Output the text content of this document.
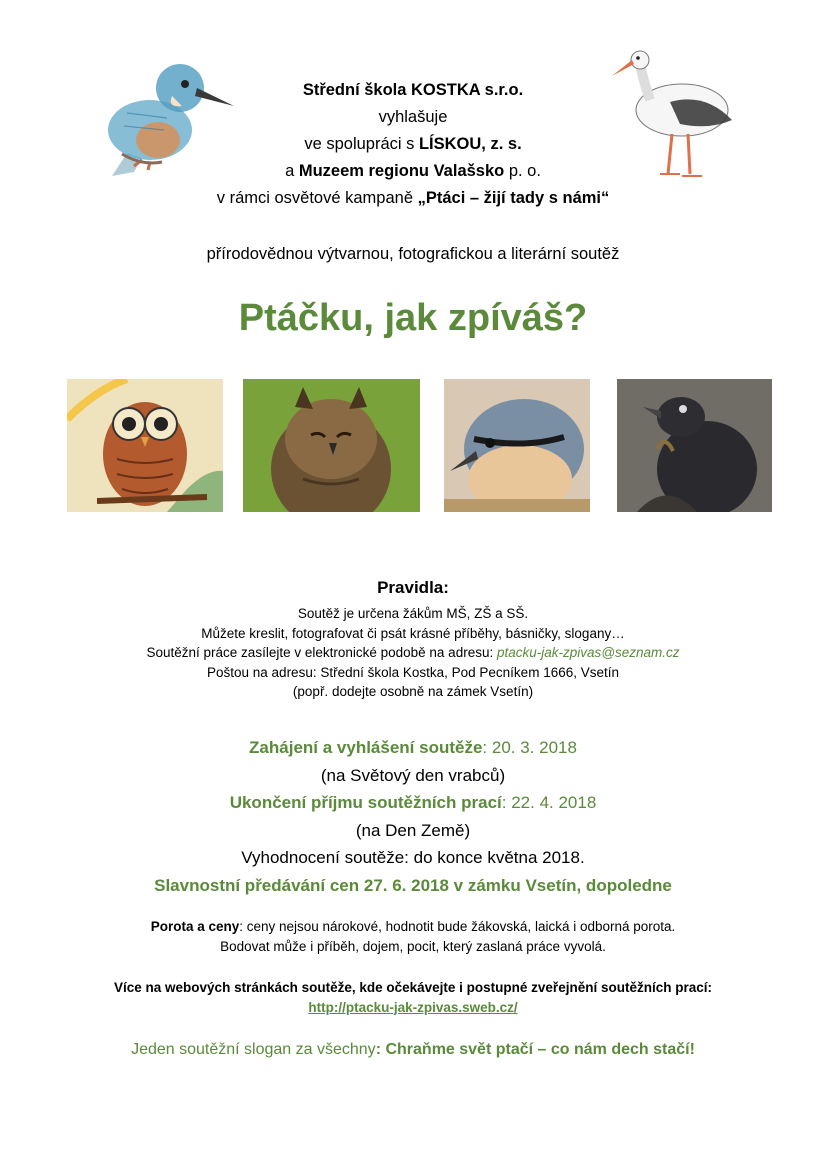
Střední škola KOSTKA s.r.o.
vyhlašuje
ve spolupráci s LÍSKOU, z. s.
a Muzeem regionu Valašsko p. o.
v rámci osvětové kampaně „Ptáci – žijí tady s námi“
přírodovědnou výtvarnou, fotografickou a literární soutěž
Ptáčku, jak zpíváš?
Pravidla:
Soutěž je určena žákům MŠ, ZŠ a SŠ.
Můžete kreslit, fotografovat či psát krásné příběhy, básničky, slogany…
Soutěžní práce zasílejte v elektronické podobě na adresu: ptacku-jak-zpivas@seznam.cz
Poštou na adresu: Střední škola Kostka, Pod Pecníkem 1666, Vsetín
(popř. dodejte osobně na zámek Vsetín)
Zahájení a vyhlášení soutěže: 20. 3. 2018
(na Světový den vrabců)
Ukončení příjmu soutěžních prací: 22. 4. 2018
(na Den Země)
Vyhodnocení soutěže: do konce května 2018.
Slavnostní předávání cen 27. 6. 2018 v zámku Vsetín, dopoledne
Porota a ceny: ceny nejsou nárokové, hodnotit bude žákovská, laická i odborná porota.
Bodovat může i příběh, dojem, pocit, který zaslaná práce vyvolá.
Více na webových stránkách soutěže, kde očekávejte i postupné zveřejnění soutěžních prací:
http://ptacku-jak-zpivas.sweb.cz/
Jeden soutěžní slogan za všechny: Chraňme svět ptačí – co nám dech stačí!
